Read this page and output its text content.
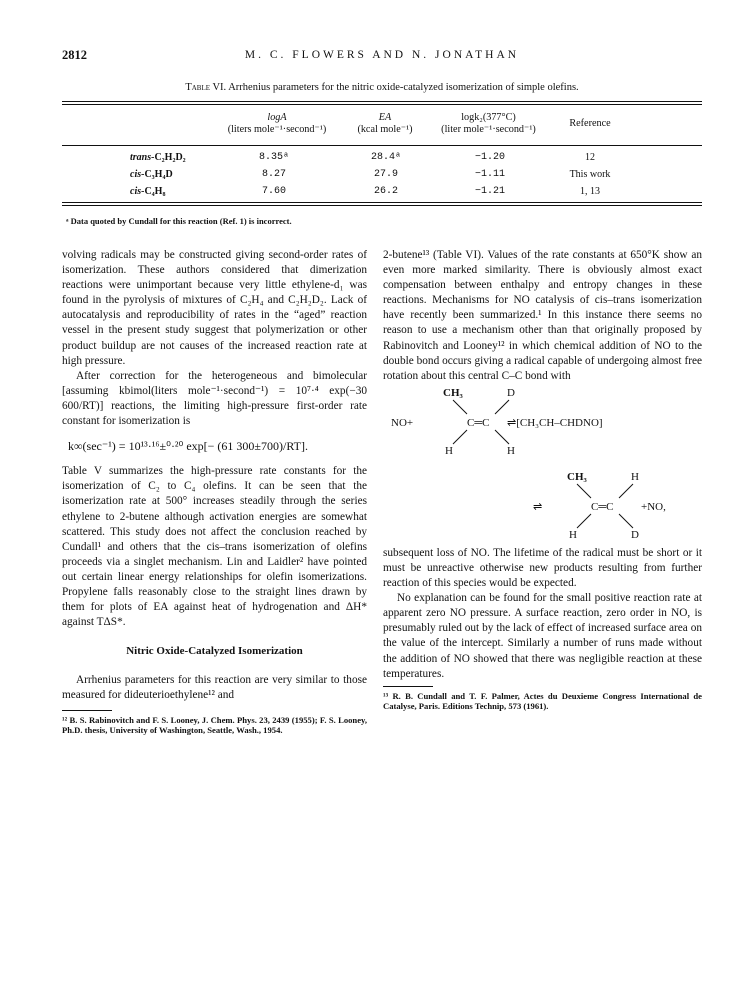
2812	M. C. FLOWERS AND N. JONATHAN
Table VI. Arrhenius parameters for the nitric oxide-catalyzed isomerization of simple olefins.
logA
(liters mole⁻¹·second⁻¹)
EA
(kcal mole⁻¹)
logk₂(377°C)
(liter mole⁻¹·second⁻¹)
Reference
trans-C₂H₂D₂	8.35ᵃ	28.4ᵃ	−1.20	12
cis-C₃H₄D	8.27	27.9	−1.11	This work
cis-C₄H₈	7.60	26.2	−1.21	1, 13
ᵃ Data quoted by Cundall for this reaction (Ref. 1) is incorrect.

volving radicals may be constructed giving second-order rates of isomerization. These authors considered that dimerization reactions were unimportant because very little ethylene-d₁ was found in the pyrolysis of mixtures of C₂H₄ and C₂H₂D₂. Lack of autocatalysis and reproducibility of rates in the “aged” reaction vessel in the present study suggest that polymerization or other product buildup are not causes of the increased reaction rate at high pressure.

After correction for the heterogeneous and bimolecular [assuming kbimol(liters mole⁻¹·second⁻¹) = 10⁷·⁴ exp(−30 600/RT)] reactions, the limiting high-pressure first-order rate constant for isomerization is

k∞(sec⁻¹) = 10¹³·¹⁶±⁰·²⁰ exp[− (61 300±700)/RT].

Table V summarizes the high-pressure rate constants for the isomerization of C₂ to C₄ olefins. It can be seen that the isomerization rate at 500° increases steadily through the series ethylene to 2-butene although activation energies are somewhat scattered. This study does not affect the conclusion reached by Cundall¹ and others that the cis–trans isomerization of olefins proceeds via a singlet mechanism. Lin and Laidler² have pointed out certain linear energy relationships for olefin isomerizations. Propylene falls reasonably close to the straight lines drawn by them for plots of EA against heat of hydrogenation and ΔH* against TΔS*.

Nitric Oxide-Catalyzed Isomerization

Arrhenius parameters for this reaction are very similar to those measured for dideuterioethylene¹² and

¹² B. S. Rabinovitch and F. S. Looney, J. Chem. Phys. 23, 2439 (1955); F. S. Looney, Ph.D. thesis, University of Washington, Seattle, Wash., 1954.

2-butene¹³ (Table VI). Values of the rate constants at 650°K show an even more marked similarity. There is obviously almost exact compensation between enthalpy and entropy changes in these reactions. Mechanisms for NO catalysis of cis–trans isomerization have recently been summarized.¹ In this instance there seems no reason to use a mechanism other than that originally proposed by Rabinovitch and Looney¹² in which chemical addition of NO to the double bond occurs giving a radical capable of undergoing almost free rotation about this central C–C bond with

CH₃	D
NO+	C═C ⇌[CH₃CH–CHDNO]
H	H
CH₃	H
⇌	C═C	+NO,
H	D

subsequent loss of NO. The lifetime of the radical must be short or it must be unreactive otherwise new products resulting from further reaction of this species would be expected.

No explanation can be found for the small positive reaction rate at apparent zero NO pressure. A surface reaction, zero order in NO, is presumably ruled out by the lack of effect of increased surface area on the value of the intercept. Similarly a number of runs made without the addition of NO showed that there was negligible reaction at these temperatures.

¹³ R. B. Cundall and T. F. Palmer, Actes du Deuxieme Congress International de Catalyse, Paris. Editions Technip, 573 (1961).
